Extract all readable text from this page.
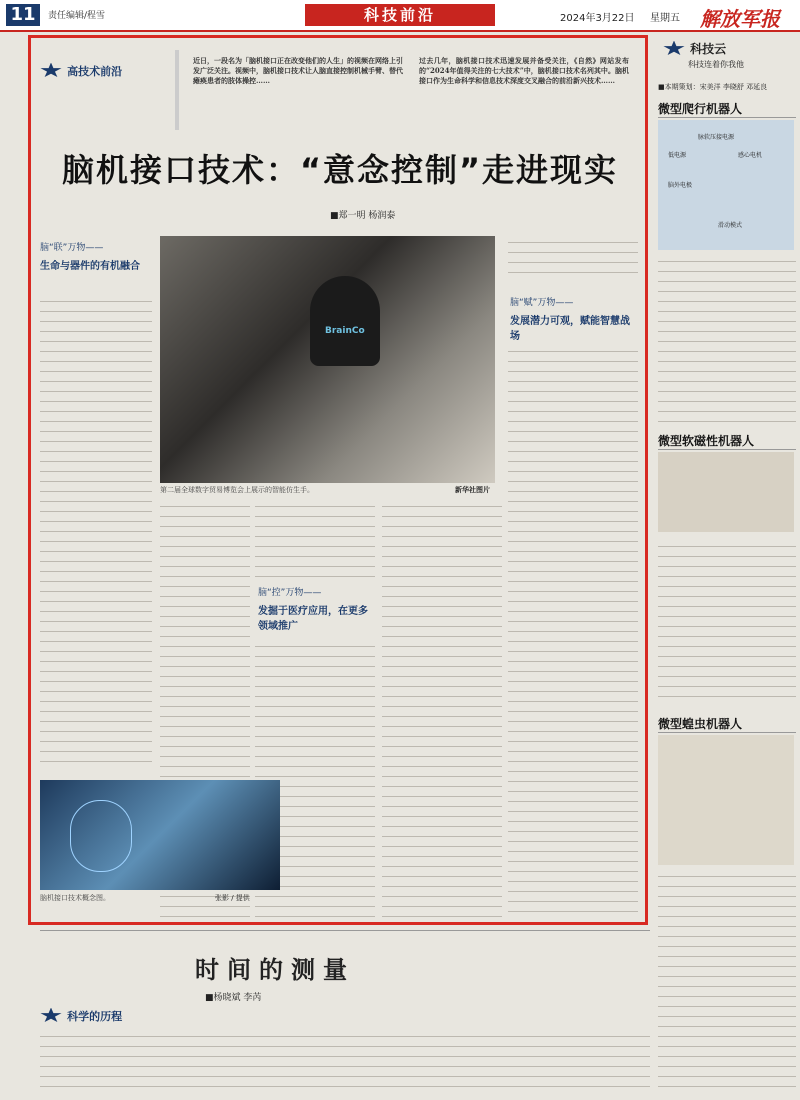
11	责任编辑/程雪	科技前沿	2024年3月22日 星期五 解放军报
高技术前沿
近日，一段名为「脑机接口正在改变他们的人生」的视频在网络上引发广泛关注。视频中，脑机接口技术让人脑直接控制机械手臂、替代瘫痪患者的肢体操控……
过去几年，脑机接口技术迅速发展并备受关注，《自然》网站发布的“2024年值得关注的七大技术”中，脑机接口技术名列其中。脑机接口作为生命科学和信息技术深度交叉融合的前沿新兴技术……
脑机接口技术：“意念控制”走进现实
■郑一明 杨润泰
脑“联”万物——
生命与器件的有机融合
BrainCo
第二届全球数字贸易博览会上展示的智能仿生手。	新华社图片
脑“控”万物——
发掘于医疗应用，在更多领域推广
脑“赋”万物——
发展潜力可观，赋能智慧战场
脑机接口技术概念图。	张影 / 提供
时间的测量
■杨晓斌 李芮
科学的历程
科技云
科技连着你我他
■本期策划：宋美洋 李晓舒 邓延良
微型爬行机器人
脉软压接电源
低电源	感心电机
脑外电极
滑动模式
微型软磁性机器人
微型蝗虫机器人
